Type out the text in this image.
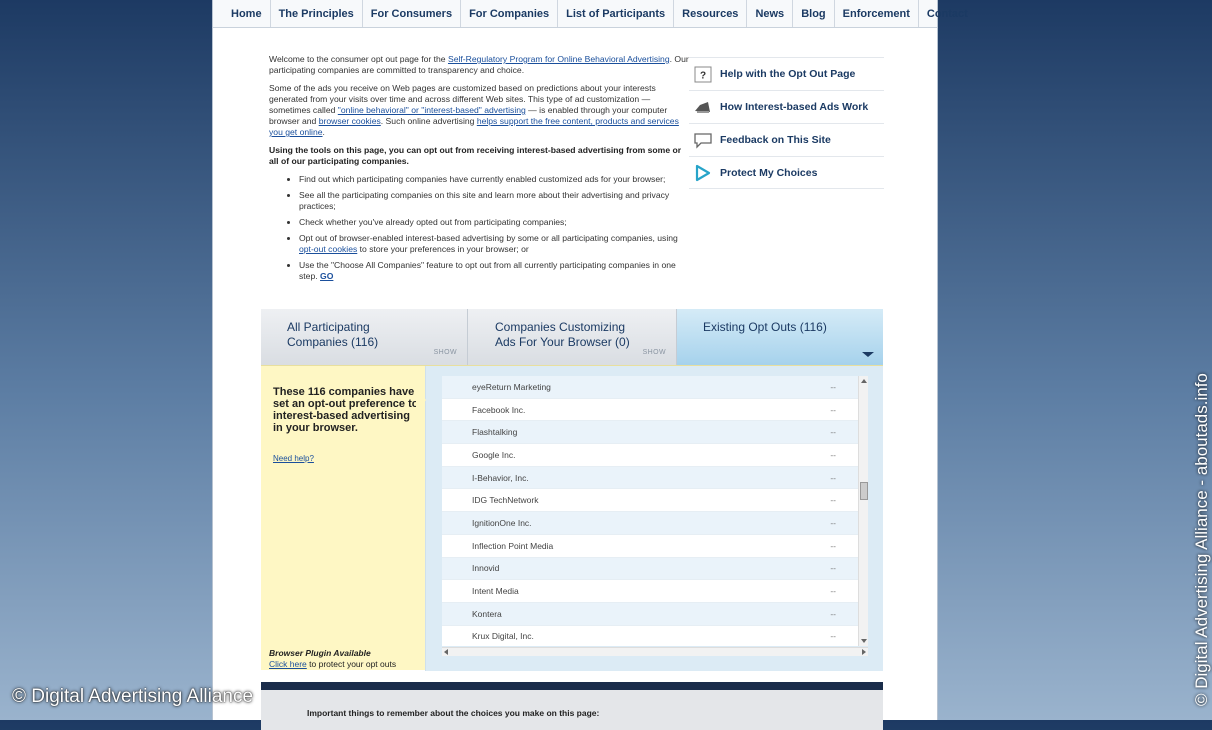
Home	The Principles	For Consumers	For Companies	List of Participants	Resources	News	Blog	Enforcement	Contact

Welcome to the consumer opt out page for the Self-Regulatory Program for Online Behavioral Advertising. Our participating companies are committed to transparency and choice.

Some of the ads you receive on Web pages are customized based on predictions about your interests generated from your visits over time and across different Web sites. This type of ad customization — sometimes called "online behavioral" or "interest-based" advertising — is enabled through your computer browser and browser cookies. Such online advertising helps support the free content, products and services you get online.

Using the tools on this page, you can opt out from receiving interest-based advertising from some or all of our participating companies.

• Find out which participating companies have currently enabled customized ads for your browser;
• See all the participating companies on this site and learn more about their advertising and privacy practices;
• Check whether you've already opted out from participating companies;
• Opt out of browser-enabled interest-based advertising by some or all participating companies, using opt-out cookies to store your preferences in your browser; or
• Use the "Choose All Companies" feature to opt out from all currently participating companies in one step. GO
? Help with the Opt Out Page
How Interest-based Ads Work
Feedback on This Site
Protect My Choices
All Participating
Companies (116)
SHOW
Companies Customizing
Ads For Your Browser (0)
SHOW
Existing Opt Outs (116)
These 116 companies have set an opt-out preference to interest-based advertising in your browser.
Need help?
Browser Plugin Available
Click here to protect your opt outs
eyeReturn Marketing	--
Facebook Inc.	--
Flashtalking	--
Google Inc.	--
I-Behavior, Inc.	--
IDG TechNetwork	--
IgnitionOne Inc.	--
Inflection Point Media	--
Innovid	--
Intent Media	--
Kontera	--
Krux Digital, Inc.	--
Important things to remember about the choices you make on this page:
© Digital Advertising Alliance	© Digital Advertising Alliance - aboutads.info
